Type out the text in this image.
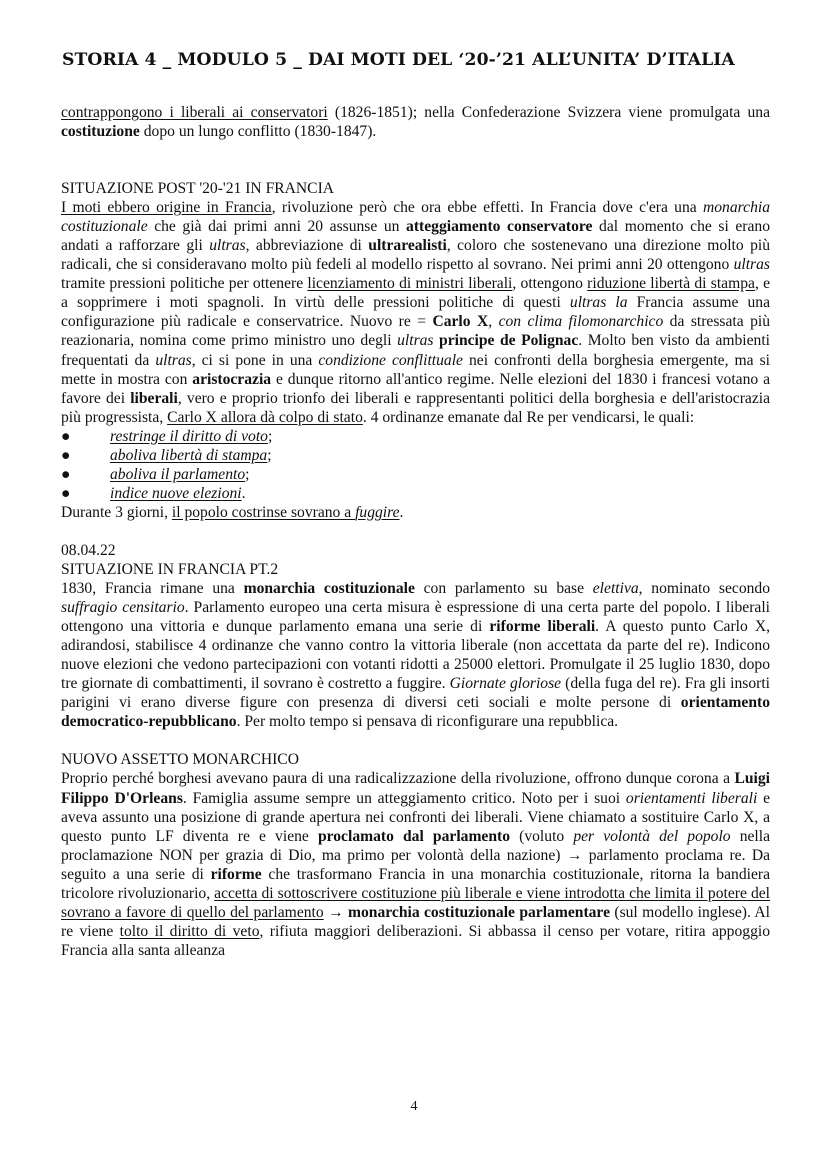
STORIA 4 _ MODULO 5 _ DAI MOTI DEL ‘20-’21 ALL’UNITA’ D’ITALIA

contrappongono i liberali ai conservatori (1826-1851); nella Confederazione Svizzera viene promulgata una costituzione dopo un lungo conflitto (1830-1847).

SITUAZIONE POST '20-'21 IN FRANCIA

I moti ebbero origine in Francia, rivoluzione però che ora ebbe effetti. In Francia dove c'era una monarchia costituzionale che già dai primi anni 20 assunse un atteggiamento conservatore dal momento che si erano andati a rafforzare gli ultras, abbreviazione di ultrarealisti, coloro che sostenevano una direzione molto più radicali, che si consideravano molto più fedeli al modello rispetto al sovrano. Nei primi anni 20 ottengono ultras tramite pressioni politiche per ottenere licenziamento di ministri liberali, ottengono riduzione libertà di stampa, e a sopprimere i moti spagnoli. In virtù delle pressioni politiche di questi ultras la Francia assume una configurazione più radicale e conservatrice. Nuovo re = Carlo X, con clima filomonarchico da stressata più reazionaria, nomina come primo ministro uno degli ultras principe de Polignac. Molto ben visto da ambienti frequentati da ultras, ci si pone in una condizione conflittuale nei confronti della borghesia emergente, ma si mette in mostra con aristocrazia e dunque ritorno all'antico regime. Nelle elezioni del 1830 i francesi votano a favore dei liberali, vero e proprio trionfo dei liberali e rappresentanti politici della borghesia e dell'aristocrazia più progressista, Carlo X allora dà colpo di stato. 4 ordinanze emanate dal Re per vendicarsi, le quali:

●	restringe il diritto di voto;
●	aboliva libertà di stampa;
●	aboliva il parlamento;
●	indice nuove elezioni.

Durante 3 giorni, il popolo costrinse sovrano a fuggire.

08.04.22

SITUAZIONE IN FRANCIA PT.2

1830, Francia rimane una monarchia costituzionale con parlamento su base elettiva, nominato secondo suffragio censitario. Parlamento europeo una certa misura è espressione di una certa parte del popolo. I liberali ottengono una vittoria e dunque parlamento emana una serie di riforme liberali. A questo punto Carlo X, adirandosi, stabilisce 4 ordinanze che vanno contro la vittoria liberale (non accettata da parte del re). Indicono nuove elezioni che vedono partecipazioni con votanti ridotti a 25000 elettori. Promulgate il 25 luglio 1830, dopo tre giornate di combattimenti, il sovrano è costretto a fuggire. Giornate gloriose (della fuga del re). Fra gli insorti parigini vi erano diverse figure con presenza di diversi ceti sociali e molte persone di orientamento democratico-repubblicano. Per molto tempo si pensava di riconfigurare una repubblica.

NUOVO ASSETTO MONARCHICO

Proprio perché borghesi avevano paura di una radicalizzazione della rivoluzione, offrono dunque corona a Luigi Filippo D'Orleans. Famiglia assume sempre un atteggiamento critico. Noto per i suoi orientamenti liberali e aveva assunto una posizione di grande apertura nei confronti dei liberali. Viene chiamato a sostituire Carlo X, a questo punto LF diventa re e viene proclamato dal parlamento (voluto per volontà del popolo nella proclamazione NON per grazia di Dio, ma primo per volontà della nazione) → parlamento proclama re. Da seguito a una serie di riforme che trasformano Francia in una monarchia costituzionale, ritorna la bandiera tricolore rivoluzionario, accetta di sottoscrivere costituzione più liberale e viene introdotta che limita il potere del sovrano a favore di quello del parlamento → monarchia costituzionale parlamentare (sul modello inglese). Al re viene tolto il diritto di veto, rifiuta maggiori deliberazioni. Si abbassa il censo per votare, ritira appoggio Francia alla santa alleanza

4
